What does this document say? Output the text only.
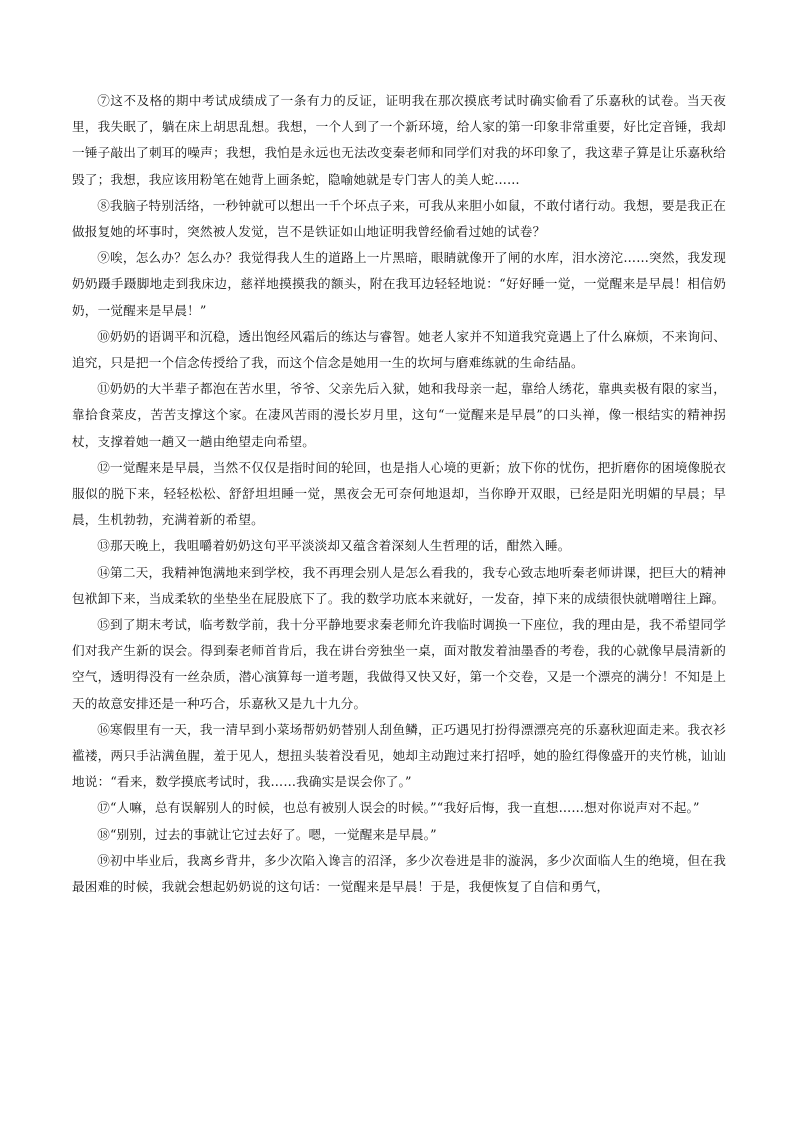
⑦这不及格的期中考试成绩成了一条有力的反证，证明我在那次摸底考试时确实偷看了乐嘉秋的试卷。当天夜里，我失眠了，躺在床上胡思乱想。我想，一个人到了一个新环境，给人家的第一印象非常重要，好比定音锤，我却一锤子敲出了刺耳的噪声；我想，我怕是永远也无法改变秦老师和同学们对我的坏印象了，我这辈子算是让乐嘉秋给毁了；我想，我应该用粉笔在她背上画条蛇，隐喻她就是专门害人的美人蛇……

⑧我脑子特别活络，一秒钟就可以想出一千个坏点子来，可我从来胆小如鼠，不敢付诸行动。我想，要是我正在做报复她的坏事时，突然被人发觉，岂不是铁证如山地证明我曾经偷看过她的试卷？

⑨唉，怎么办？怎么办？我觉得我人生的道路上一片黑暗，眼睛就像开了闸的水库，泪水滂沱……突然，我发现奶奶蹑手蹑脚地走到我床边，慈祥地摸摸我的额头，附在我耳边轻轻地说：“好好睡一觉，一觉醒来是早晨！相信奶奶，一觉醒来是早晨！”

⑩奶奶的语调平和沉稳，透出饱经风霜后的练达与睿智。她老人家并不知道我究竟遇上了什么麻烦，不来询问、追究，只是把一个信念传授给了我，而这个信念是她用一生的坎坷与磨难练就的生命结晶。

⑪奶奶的大半辈子都泡在苦水里，爷爷、父亲先后入狱，她和我母亲一起，靠给人绣花，靠典卖极有限的家当，靠拾食菜皮，苦苦支撑这个家。在凄风苦雨的漫长岁月里，这句“一觉醒来是早晨”的口头禅，像一根结实的精神拐杖，支撑着她一趟又一趟由绝望走向希望。

⑫一觉醒来是早晨，当然不仅仅是指时间的轮回，也是指人心境的更新；放下你的忧伤，把折磨你的困境像脱衣服似的脱下来，轻轻松松、舒舒坦坦睡一觉，黑夜会无可奈何地退却，当你睁开双眼，已经是阳光明媚的早晨；早晨，生机勃勃，充满着新的希望。

⑬那天晚上，我咀嚼着奶奶这句平平淡淡却又蕴含着深刻人生哲理的话，酣然入睡。

⑭第二天，我精神饱满地来到学校，我不再理会别人是怎么看我的，我专心致志地听秦老师讲课，把巨大的精神包袱卸下来，当成柔软的坐垫坐在屁股底下了。我的数学功底本来就好，一发奋，掉下来的成绩很快就噌噌往上蹿。

⑮到了期末考试，临考数学前，我十分平静地要求秦老师允许我临时调换一下座位，我的理由是，我不希望同学们对我产生新的误会。得到秦老师首肯后，我在讲台旁独坐一桌，面对散发着油墨香的考卷，我的心就像早晨清新的空气，透明得没有一丝杂质，潜心演算每一道考题，我做得又快又好，第一个交卷，又是一个漂亮的满分！不知是上天的故意安排还是一种巧合，乐嘉秋又是九十九分。

⑯寒假里有一天，我一清早到小菜场帮奶奶替别人刮鱼鳞，正巧遇见打扮得漂漂亮亮的乐嘉秋迎面走来。我衣衫褴褛，两只手沾满鱼腥，羞于见人，想扭头装着没看见，她却主动跑过来打招呼，她的脸红得像盛开的夹竹桃，讪讪地说：“看来，数学摸底考试时，我……我确实是误会你了。”

⑰“人嘛，总有误解别人的时候，也总有被别人误会的时候。”“我好后悔，我一直想……想对你说声对不起。”

⑱“别别，过去的事就让它过去好了。嗯，一觉醒来是早晨。”

⑲初中毕业后，我离乡背井，多少次陷入谗言的沼泽，多少次卷进是非的漩涡，多少次面临人生的绝境，但在我最困难的时候，我就会想起奶奶说的这句话：一觉醒来是早晨！于是，我便恢复了自信和勇气，
